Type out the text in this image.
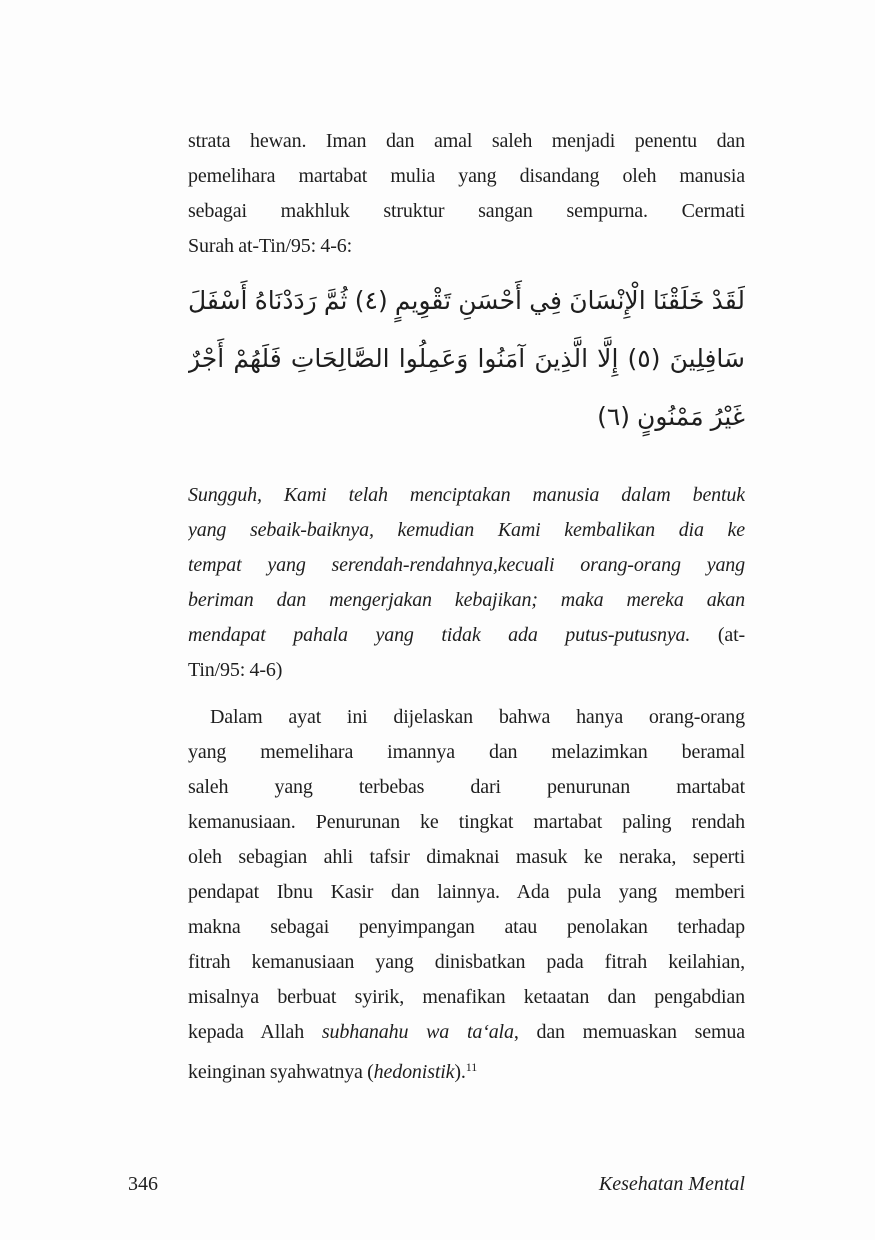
strata hewan. Iman dan amal saleh menjadi penentu dan
pemelihara martabat mulia yang disandang oleh manusia
sebagai makhluk struktur sangan sempurna. Cermati
Surah at-Tin/95: 4-6:
لَقَدْ خَلَقْنَا الْإِنْسَانَ فِي أَحْسَنِ تَقْوِيمٍ (٤) ثُمَّ رَدَدْنَاهُ أَسْفَلَ
سَافِلِينَ (٥) إِلَّا الَّذِينَ آمَنُوا وَعَمِلُوا الصَّالِحَاتِ فَلَهُمْ أَجْرٌ
غَيْرُ مَمْنُونٍ (٦)
Sungguh, Kami telah menciptakan manusia dalam bentuk
yang sebaik-baiknya, kemudian Kami kembalikan dia ke
tempat yang serendah-rendahnya,kecuali orang-orang yang
beriman dan mengerjakan kebajikan; maka mereka akan
mendapat pahala yang tidak ada putus-putusnya. (at-
Tin/95: 4-6)
Dalam ayat ini dijelaskan bahwa hanya orang-orang
yang memelihara imannya dan melazimkan beramal
saleh yang terbebas dari penurunan martabat
kemanusiaan. Penurunan ke tingkat martabat paling rendah
oleh sebagian ahli tafsir dimaknai masuk ke neraka, seperti
pendapat Ibnu Kasir dan lainnya. Ada pula yang memberi
makna sebagai penyimpangan atau penolakan terhadap
fitrah kemanusiaan yang dinisbatkan pada fitrah keilahian,
misalnya berbuat syirik, menafikan ketaatan dan pengabdian
kepada Allah subhanahu wa ta‘ala, dan memuaskan semua
keinginan syahwatnya (hedonistik).$^{11}$
346	Kesehatan Mental
